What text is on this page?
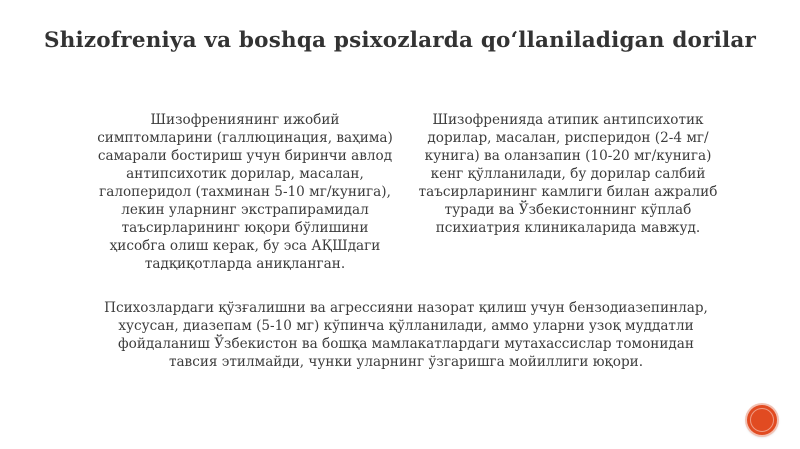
Shizofreniya va boshqa psixozlarda qo‘llaniladigan dorilar
Шизофрениянинг ижобий симптомларини (галлюцинация, ваҳима) самарали бостириш учун биринчи авлод антипсихотик дорилар, масалан, галоперидол (тахминан 5-10 мг/кунига), лекин уларнинг экстрапирамидал таъсирларининг юқори бўлишини ҳисобга олиш керак, бу эса АҚШдаги тадқиқотларда аниқланган.
Шизофренияда атипик антипсихотик дорилар, масалан, рисперидон (2-4 мг/кунига) ва оланзапин (10-20 мг/кунига) кенг қўлланилади, бу дорилар салбий таъсирларининг камлиги билан ажралиб туради ва Ўзбекистоннинг кўплаб психиатрия клиникаларида мавжуд.
Психозлардаги қўзғалишни ва агрессияни назорат қилиш учун бензодиазепинлар, хусусан, диазепам (5-10 мг) кўпинча қўлланилади, аммо уларни узоқ муддатли фойдаланиш Ўзбекистон ва бошқа мамлакатлардаги мутахассислар томонидан тавсия этилмайди, чунки уларнинг ўзгаришга мойиллиги юқори.
